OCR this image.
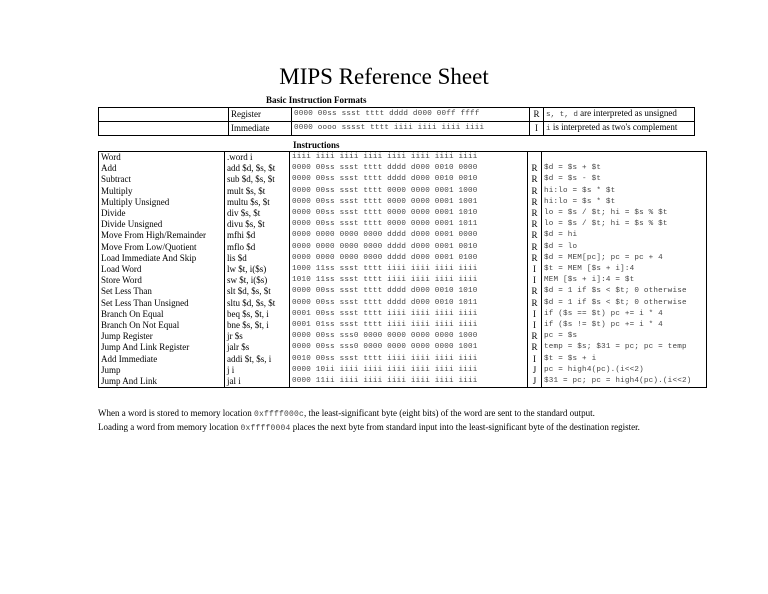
MIPS Reference Sheet
Basic Instruction Formats
	Register	0000 00ss ssst tttt dddd d000 00ff ffff	R	s, t, d are interpreted as unsigned
	Immediate	0000 oooo sssst tttt iiii iiii iiii iiii	I	i is interpreted as two's complement
Instructions
Word	.word i	iiii iiii iiii iiii iiii iiii iiii iiii		
Add	add $d, $s, $t	0000 00ss ssst tttt dddd d000 0010 0000	R	$d = $s + $t
Subtract	sub $d, $s, $t	0000 00ss ssst tttt dddd d000 0010 0010	R	$d = $s - $t
Multiply	mult $s, $t	0000 00ss ssst tttt 0000 0000 0001 1000	R	hi:lo = $s * $t
Multiply Unsigned	multu $s, $t	0000 00ss ssst tttt 0000 0000 0001 1001	R	hi:lo = $s * $t
Divide	div $s, $t	0000 00ss ssst tttt 0000 0000 0001 1010	R	lo = $s / $t; hi = $s % $t
Divide Unsigned	divu $s, $t	0000 00ss ssst tttt 0000 0000 0001 1011	R	lo = $s / $t; hi = $s % $t
Move From High/Remainder	mfhi $d	0000 0000 0000 0000 dddd d000 0001 0000	R	$d = hi
Move From Low/Quotient	mflo $d	0000 0000 0000 0000 dddd d000 0001 0010	R	$d = lo
Load Immediate And Skip	lis $d	0000 0000 0000 0000 dddd d000 0001 0100	R	$d = MEM[pc]; pc = pc + 4
Load Word	lw $t, i($s)	1000 11ss ssst tttt iiii iiii iiii iiii	I	$t = MEM [$s + i]:4
Store Word	sw $t, i($s)	1010 11ss ssst tttt iiii iiii iiii iiii	I	MEM [$s + i]:4 = $t
Set Less Than	slt $d, $s, $t	0000 00ss ssst tttt dddd d000 0010 1010	R	$d = 1 if $s < $t; 0 otherwise
Set Less Than Unsigned	sltu $d, $s, $t	0000 00ss ssst tttt dddd d000 0010 1011	R	$d = 1 if $s < $t; 0 otherwise
Branch On Equal	beq $s, $t, i	0001 00ss ssst tttt iiii iiii iiii iiii	I	if ($s == $t) pc += i * 4
Branch On Not Equal	bne $s, $t, i	0001 01ss ssst tttt iiii iiii iiii iiii	I	if ($s != $t) pc += i * 4
Jump Register	jr $s	0000 00ss sss0 0000 0000 0000 0000 1000	R	pc = $s
Jump And Link Register	jalr $s	0000 00ss sss0 0000 0000 0000 0000 1001	R	temp = $s; $31 = pc; pc = temp
Add Immediate	addi $t, $s, i	0010 00ss ssst tttt iiii iiii iiii iiii	I	$t = $s + i
Jump	j i	0000 10ii iiii iiii iiii iiii iiii iiii	J	pc = high4(pc).(i<<2)
Jump And Link	jal i	0000 11ii iiii iiii iiii iiii iiii iiii	J	$31 = pc; pc = high4(pc).(i<<2)
When a word is stored to memory location 0xffff000c, the least-significant byte (eight bits) of the word are sent to the standard output.
Loading a word from memory location 0xffff0004 places the next byte from standard input into the least-significant byte of the destination register.
